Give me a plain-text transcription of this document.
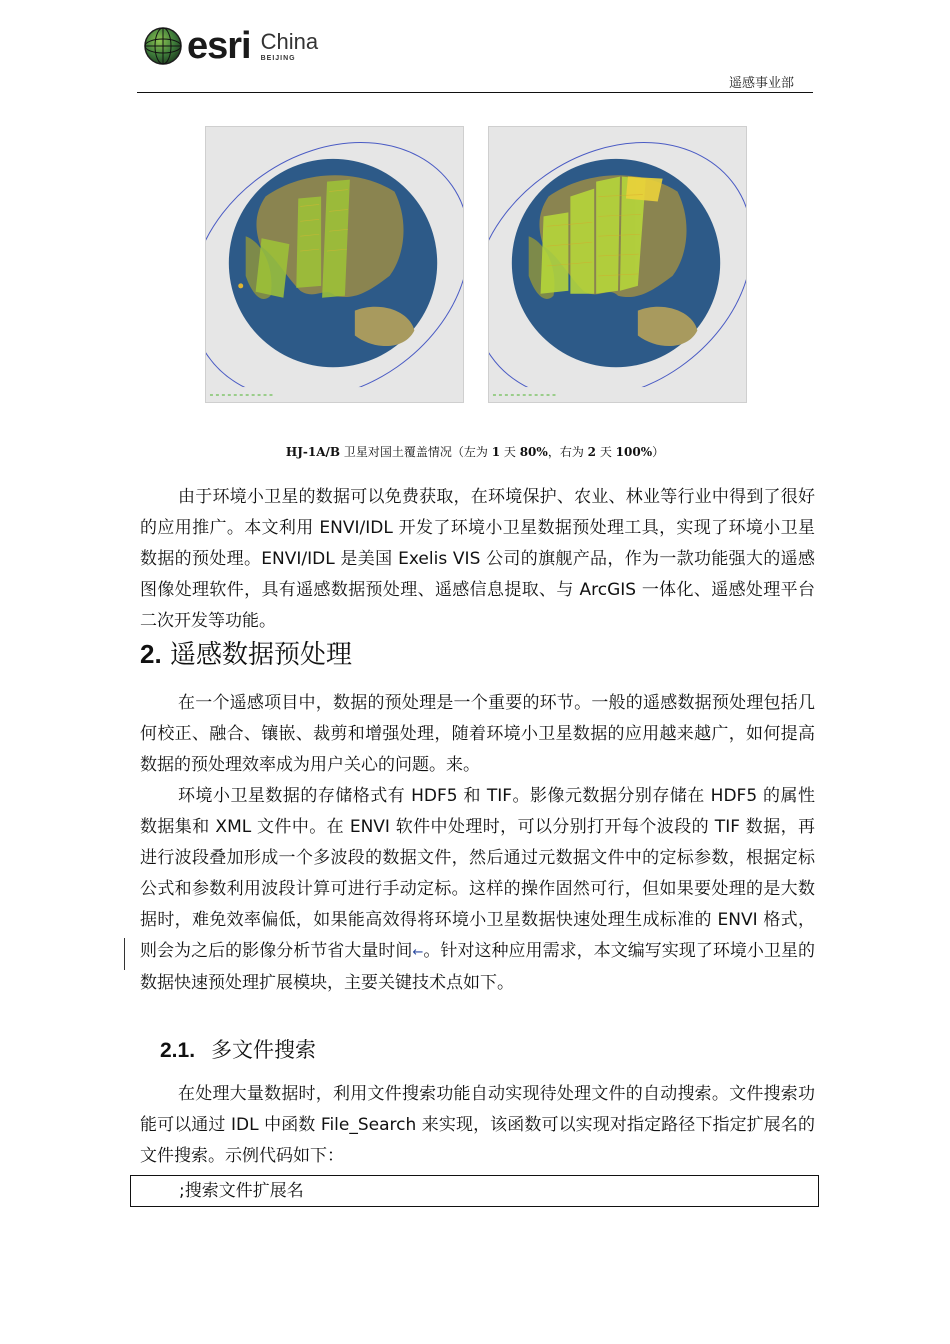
esri China
BEIJING
遥感事业部
HJ-1A/B 卫星对国土覆盖情况（左为 1 天 80%，右为 2 天 100%）

由于环境小卫星的数据可以免费获取，在环境保护、农业、林业等行业中得到了很好的应用推广。本文利用 ENVI/IDL 开发了环境小卫星数据预处理工具，实现了环境小卫星数据的预处理。ENVI/IDL 是美国 Exelis VIS 公司的旗舰产品，作为一款功能强大的遥感图像处理软件，具有遥感数据预处理、遥感信息提取、与 ArcGIS 一体化、遥感处理平台二次开发等功能。

2. 遥感数据预处理

在一个遥感项目中，数据的预处理是一个重要的环节。一般的遥感数据预处理包括几何校正、融合、镶嵌、裁剪和增强处理，随着环境小卫星数据的应用越来越广，如何提高数据的预处理效率成为用户关心的问题。来。

环境小卫星数据的存储格式有 HDF5 和 TIF。影像元数据分别存储在 HDF5 的属性数据集和 XML 文件中。在 ENVI 软件中处理时，可以分别打开每个波段的 TIF 数据，再进行波段叠加形成一个多波段的数据文件，然后通过元数据文件中的定标参数，根据定标公式和参数利用波段计算可进行手动定标。这样的操作固然可行，但如果要处理的是大数据时，难免效率偏低，如果能高效得将环境小卫星数据快速处理生成标准的 ENVI 格式，则会为之后的影像分析节省大量时间←。针对这种应用需求，本文编写实现了环境小卫星的数据快速预处理扩展模块，主要关键技术点如下。

2.1. 多文件搜索

在处理大量数据时，利用文件搜索功能自动实现待处理文件的自动搜索。文件搜索功能可以通过 IDL 中函数 File_Search 来实现，该函数可以实现对指定路径下指定扩展名的文件搜索。示例代码如下：

;搜索文件扩展名
